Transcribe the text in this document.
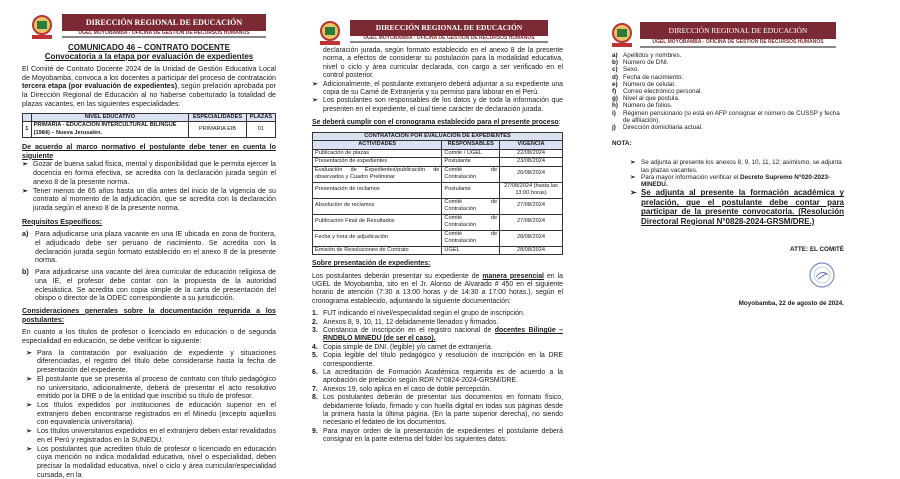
DIRECCIÓN REGIONAL DE EDUCACIÓN
UGEL MOYOBAMBA - OFICINA DE GESTIÓN DE RECURSOS HUMANOS
COMUNICADO 46 – CONTRATO DOCENTE
Convocatoria a la etapa por evaluación de expedientes

El Comité de Contrato Docente 2024 de la Unidad de Gestión Educativa Local de Moyobamba, convoca a los docentes a participar del proceso de contratación tercera etapa (por evaluación de expedientes), según prelación aprobada por la Dirección Regional de Educación al no haberse coberturado la totalidad de plazas vacantes, en las siguientes especialidades:

	NIVEL EDUCATIVO	ESPECIALIDADES	PLAZAS
1	PRIMARIA - EDUCACIÓN INTERCULTURAL BILINGÜE
(1984) – Nueva Jerusalén.	PRIMARIA EIB	01
De acuerdo al marco normativo el postulante debe tener en cuenta lo siguiente
➢ Gozar de buena salud física, mental y disponibilidad que le permita ejercer la docencia en forma efectiva, se acredita con la declaración jurada según el anexo 8 de la presente norma.
➢ Tener menos de 65 años hasta un día antes del inicio de la vigencia de su contrato al momento de la adjudicación, que se acredita con la declaración jurada según el anexo 8 de la presente norma.
Requisitos Específicos:
a) Para adjudicarse una plaza vacante en una IE ubicada en zona de frontera, el adjudicado debe ser peruano de nacimiento. Se acredita con la declaración jurada según formato establecido en el anexo 8 de la presente norma.
b) Para adjudicarse una vacante del área curricular de educación religiosa de una IE, el profesor debe contar con la propuesta de la autoridad eclesiástica. Se acredita con copia simple de la carta de presentación del obispo o director de la ODEC correspondiente a su jurisdicción.
Consideraciones generales sobre la documentación requerida a los postulantes:

En cuanto a los títulos de profesor o licenciado en educación o de segunda especialidad en educación, se debe verificar lo siguiente:

➢ Para la contratación por evaluación de expediente y situaciones diferenciadas, el registro del título debe considerarse hasta la fecha de presentación del expediente.
➢ El postulante que se presenta al proceso de contrato con título pedagógico no universitario, adicionalmente, deberá de presentar el acto resolutivo emitido por la DRE o de la entidad que inscribió su título de profesor.
➢ Los títulos expedidos por instituciones de educación superior en el extranjero deben encontrarse registrados en el Minedu (excepto aquellos con equivalencia universitaria).
➢ Los títulos universitarios expedidos en el extranjero deben estar revalidados en el Perú y registrados en la SUNEDU.
➢ Los postulantes que acrediten título de profesor o licenciado en educación cuya mención no indica modalidad educativa, nivel o especialidad, deben precisar la modalidad educativa, nivel o ciclo y área curricular/especialidad cursada, en la
DIRECCIÓN REGIONAL DE EDUCACIÓN
UGEL MOYOBAMBA - OFICINA DE GESTIÓN DE RECURSOS HUMANOS

declaración jurada, según formato establecido en el anexo 8 de la presente norma, a efectos de considerar su postulación para la modalidad educativa, nivel o ciclo y área curricular declarada, con cargo a ser verificado en el control posterior.

➢ Adicionalmente, el postulante extranjero deberá adjuntar a su expediente una copia de su Carné de Extranjería y su permiso para laborar en el Perú.
➢ Los postulantes son responsables de los datos y de toda la información que presenten en el expediente, el cual tiene carácter de declaración jurada.
Se deberá cumplir con el cronograma establecido para el presente proceso:
CONTRATACIÓN POR EVALUACIÓN DE EXPEDIENTES		
ACTIVIDADES	RESPONSABLES	VIGENCIA
Publicación de plazas	Comité / UGEL	22/08/2024
Presentación de expedientes	Postulante	23/08/2024
Evaluación de Expedientes/publicación de observados y Cuadro Preliminar	Comité de Contratación	26/08/2024
Presentación de reclamos	Postulante	27/08/2024 (hasta las 13:00 horas)
Absolución de reclamos	Comité de Contratación	27/08/2024
Publicación Final de Resultados	Comité de Contratación	27/08/2024
Fecha y hora de adjudicación	Comité de Contratación	28/08/2024
Emisión de Resoluciones de Contrato	UGEL	28/08/2024
Sobre presentación de expedientes:

Los postulantes deberán presentar su expediente de manera presencial en la UGEL de Moyobamba, sito en el Jr. Alonso de Alvarado # 450 en el siguiente horario de atención (7:30 a 13:00 horas y de 14:30 a 17:00 horas.), según el cronograma establecido, adjuntando la siguiente documentación:

1. FUT indicando el nivel/especialidad según el grupo de inscripción.
2. Anexos 8, 9, 10, 11, 12 debidamente llenados y firmados.
3. Constancia de inscripción en el registro nacional de docentes Bilingüe – RNDBLO MINEDU (de ser el caso).
4. Copia simple de DNI. (legible) y/o carnet de extranjería.
5. Copia legible del título pedagógico y resolución de inscripción en la DRE correspondiente.
6. La acreditación de Formación Académica requerida es de acuerdo a la aprobación de prelación según RDR N°0824-2024-GRSM/DRE.
7. Anexos 19, solo aplica en el caso de doble percepción.
8. Los postulantes deberán de presentar sus documentos en formato físico, debidamente foliado, firmado y con huella digital en todas sus páginas desde la primera hasta la última página. (En la parte superior derecha), no siendo necesario el fedateo de los documentos.
9. Para mayor orden de la presentación de expedientes el postulante deberá consignar en la parte externa del folder los siguientes datos:
DIRECCIÓN REGIONAL DE EDUCACIÓN
UGEL MOYOBAMBA - OFICINA DE GESTIÓN DE RECURSOS HUMANOS
a) Apellidos y nombres.
b) Número de DNI.
c) Sexo.
d) Fecha de nacimiento.
e) Número de celular.
f) Correo electrónico personal.
g) Nivel al que postula.
h) Número de folios.
i) Régimen pensionario (si está en AFP consignar el número de CUSSP y fecha de afiliación).
j) Dirección domiciliaria actual.
NOTA:
➢ Se adjunta al presente los anexos 8, 9, 10, 11, 12; asimismo, se adjunta las plazas vacantes.
➢ Para mayor información verificar el Decreto Supremo N°020-2023-MINEDU.
➢ Se adjunta al presente la formación académica y prelación, que el postulante debe contar para participar de la presente convocatoria. (Resolución Directoral Regional N°0828-2024-GRSM/DRE.)
ATTE: EL COMITÉ
Moyobamba, 22 de agosto de 2024.
